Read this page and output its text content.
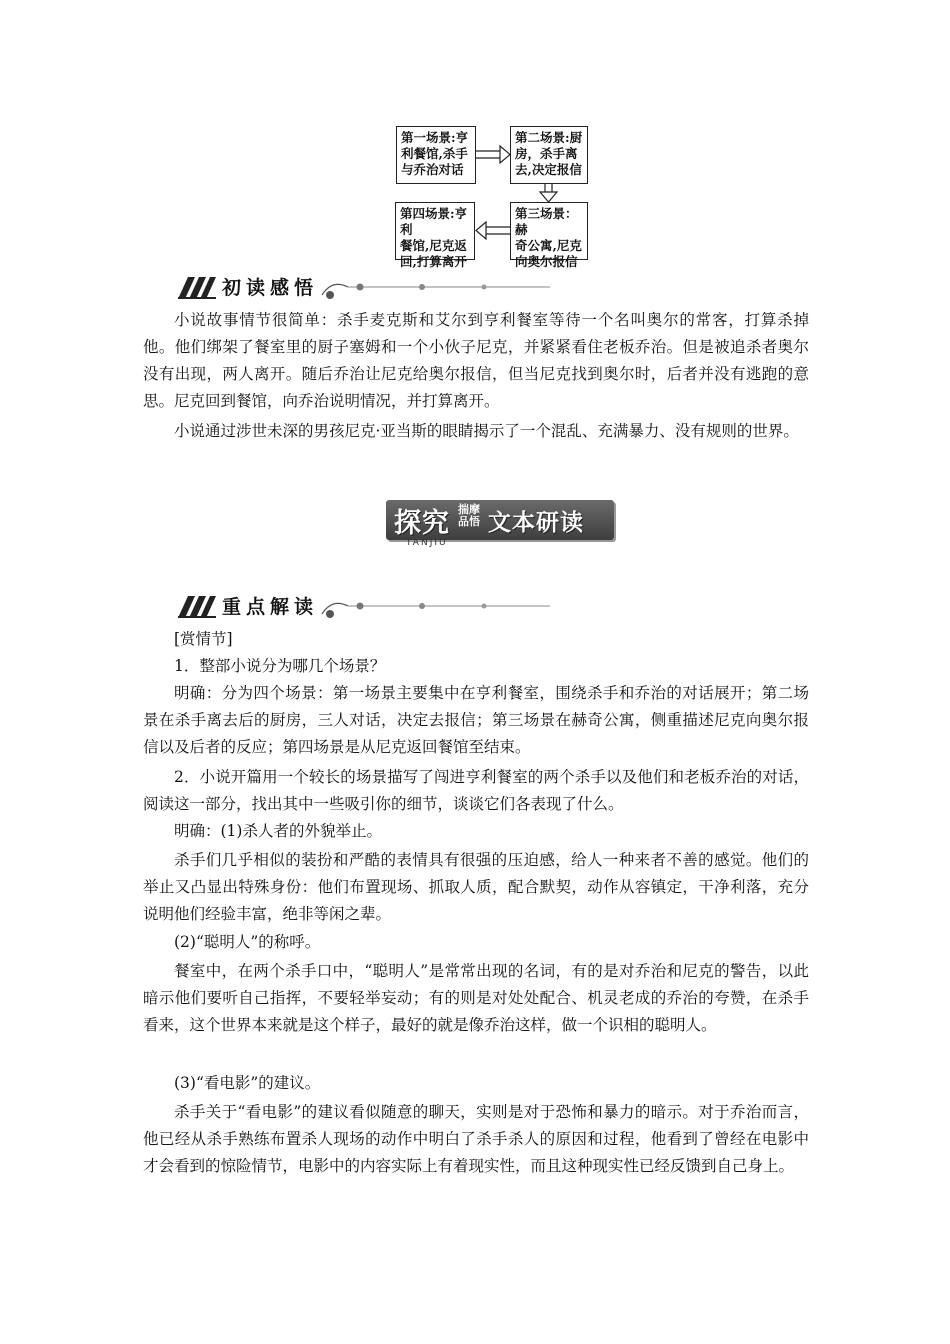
第一场景:亨
利餐馆,杀手
与乔治对话
第二场景:厨
房，杀手离
去,决定报信
第三场景：赫
奇公寓,尼克
向奥尔报信
第四场景:亨利
餐馆,尼克返
回,打算离开
初读感悟

小说故事情节很简单：杀手麦克斯和艾尔到亨利餐室等待一个名叫奥尔的常客，打算杀掉他。他们绑架了餐室里的厨子塞姆和一个小伙子尼克，并紧紧看住老板乔治。但是被追杀者奥尔没有出现，两人离开。随后乔治让尼克给奥尔报信，但当尼克找到奥尔时，后者并没有逃跑的意思。尼克回到餐馆，向乔治说明情况，并打算离开。

小说通过涉世未深的男孩尼克·亚当斯的眼睛揭示了一个混乱、充满暴力、没有规则的世界。

探究 揣摩品悟 文本研读
TANJIU
重点解读

[赏情节]

1．整部小说分为哪几个场景？

明确：分为四个场景：第一场景主要集中在亨利餐室，围绕杀手和乔治的对话展开；第二场景在杀手离去后的厨房，三人对话，决定去报信；第三场景在赫奇公寓，侧重描述尼克向奥尔报信以及后者的反应；第四场景是从尼克返回餐馆至结束。

2．小说开篇用一个较长的场景描写了闯进亨利餐室的两个杀手以及他们和老板乔治的对话，阅读这一部分，找出其中一些吸引你的细节，谈谈它们各表现了什么。

明确：(1)杀人者的外貌举止。

杀手们几乎相似的装扮和严酷的表情具有很强的压迫感，给人一种来者不善的感觉。他们的举止又凸显出特殊身份：他们布置现场、抓取人质，配合默契，动作从容镇定，干净利落，充分说明他们经验丰富，绝非等闲之辈。

(2)“聪明人”的称呼。

餐室中，在两个杀手口中，“聪明人”是常常出现的名词，有的是对乔治和尼克的警告，以此暗示他们要听自己指挥，不要轻举妄动；有的则是对处处配合、机灵老成的乔治的夸赞，在杀手看来，这个世界本来就是这个样子，最好的就是像乔治这样，做一个识相的聪明人。

(3)“看电影”的建议。

杀手关于“看电影”的建议看似随意的聊天，实则是对于恐怖和暴力的暗示。对于乔治而言，他已经从杀手熟练布置杀人现场的动作中明白了杀手杀人的原因和过程，他看到了曾经在电影中才会看到的惊险情节，电影中的内容实际上有着现实性，而且这种现实性已经反馈到自己身上。
